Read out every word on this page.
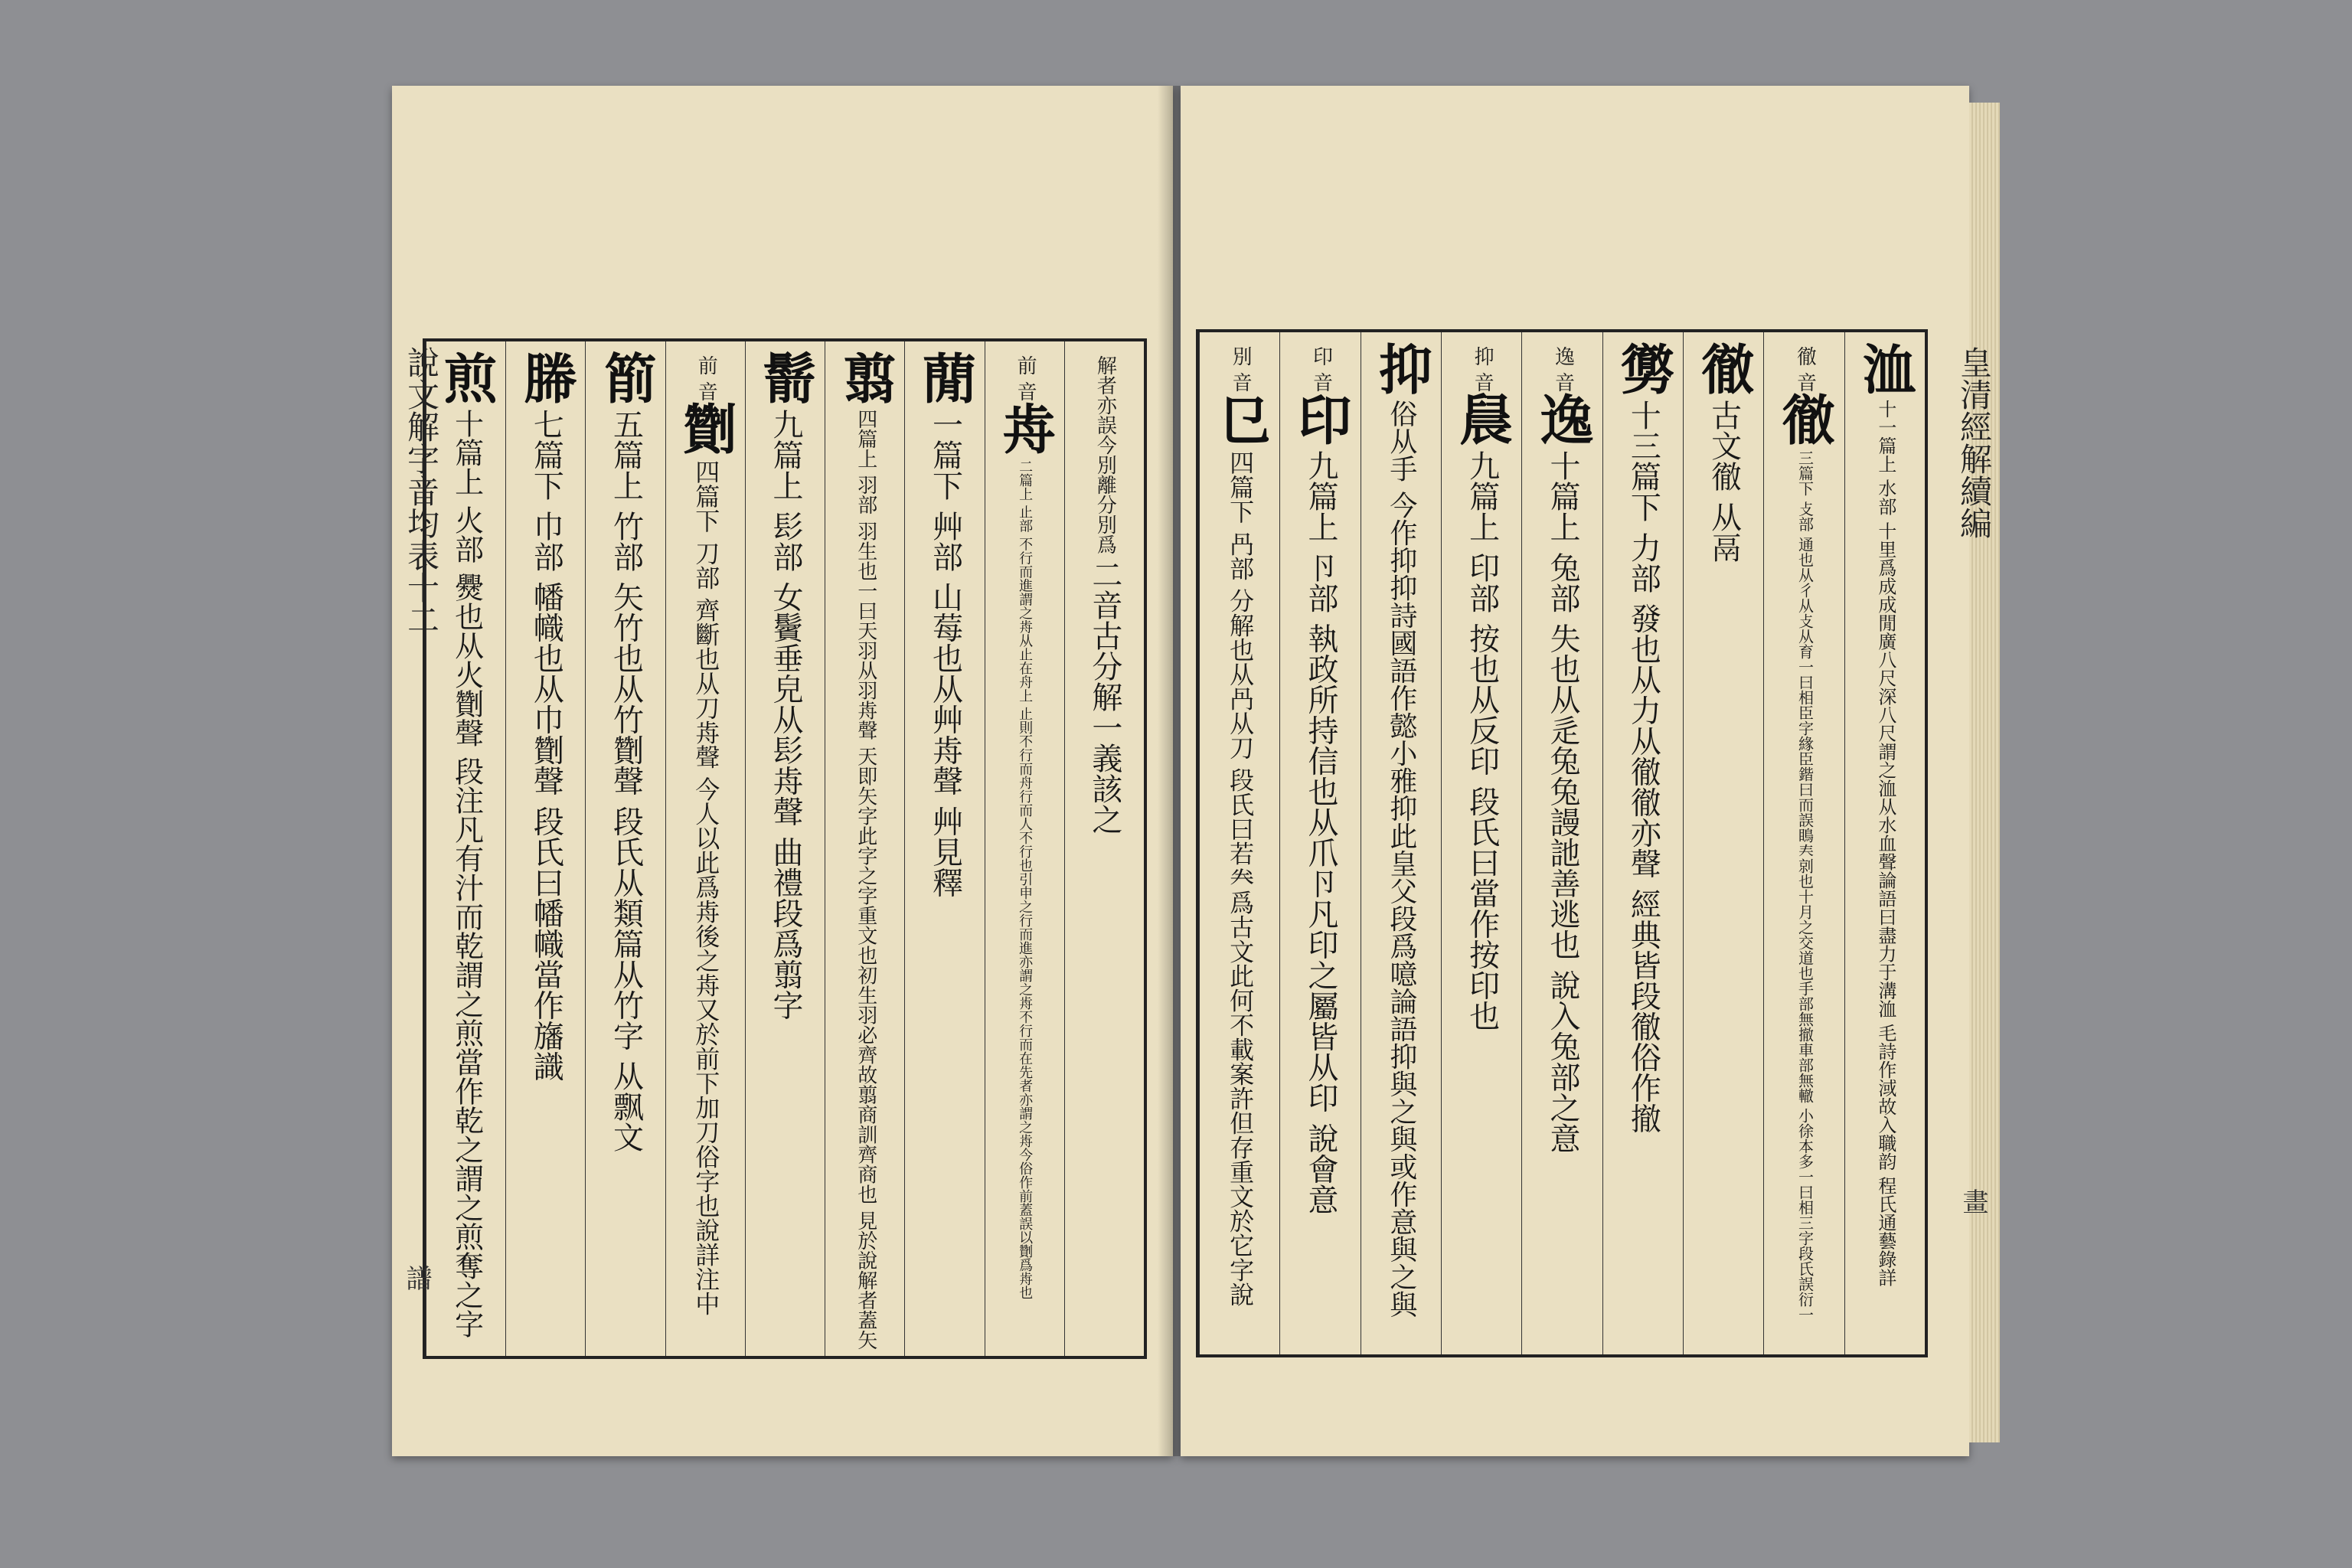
解者亦誤今別離分別爲
二音古分解一義該之
前 音
歬
二篇上 止部 不行而進謂之歬从止在舟上 止則不行而舟行而人不行也引申之行而進亦謂之歬不行而在先者亦謂之歬今俗作前蓋誤以劗爲歬也
蕑
一篇下 艸部 山莓也从艸歬聲 艸見釋
翦
四篇上 羽部 羽生也一曰天羽从羽歬聲 天即矢字此字之字重文也初生羽必齊故翦商訓齊商也 見於說解者蓋矢
鬋
九篇上 髟部 女鬢垂皃从髟歬聲 曲禮段爲翦字
前 音
劗
四篇下 刀部 齊斷也从刀歬聲 今人以此爲歬後之歬又於前下加刀俗字也說詳注中
箾
五篇上 竹部 矢竹也从竹劗聲 段氏从類篇从竹字 从飘文
幐
七篇下 巾部 幡幟也从巾劗聲 段氏曰幡幟當作旛識
煎
十篇上 火部 㸑也从火劗聲 段注凡有汁而乾謂之煎當作乾之謂之煎奪之字
說文解字音均表十二
譜
洫
十一篇上 水部 十里爲成成閒廣八尺深八尺謂之洫从水血聲論語曰盡力于溝洫 毛詩作淢故入職韵 程氏通藝錄詳
徹 音
徹
三篇下 攴部 通也从彳从攴从育一曰相臣字緣臣鍇曰而誤瞗𡗗剠也十月之交道也手部無撤車部無轍 小徐本多一曰相三字段氏誤衍一
徹
古文徹 从鬲
勶
十三篇下 力部 發也从力从徹徹亦聲 經典皆段徹俗作撤
逸 音
逸
十篇上 兔部 失也从辵兔兔謾訑善逃也 說入兔部之意
抑 音
䢅
九篇上 印部 按也从反印 段氏曰當作按印也
抑
俗从手 今作抑抑詩國語作懿小雅抑此皇父段爲噫論語抑與之與或作意與之與
印 音
印
九篇上 卪部 執政所持信也从爪卪凡印之屬皆从印 說會意
別 音
㔾
四篇下 冎部 分解也从冎从刀 段氏曰若𠔉爲古文此何不載案許但存重文於它字說
皇清經解續編
畫
